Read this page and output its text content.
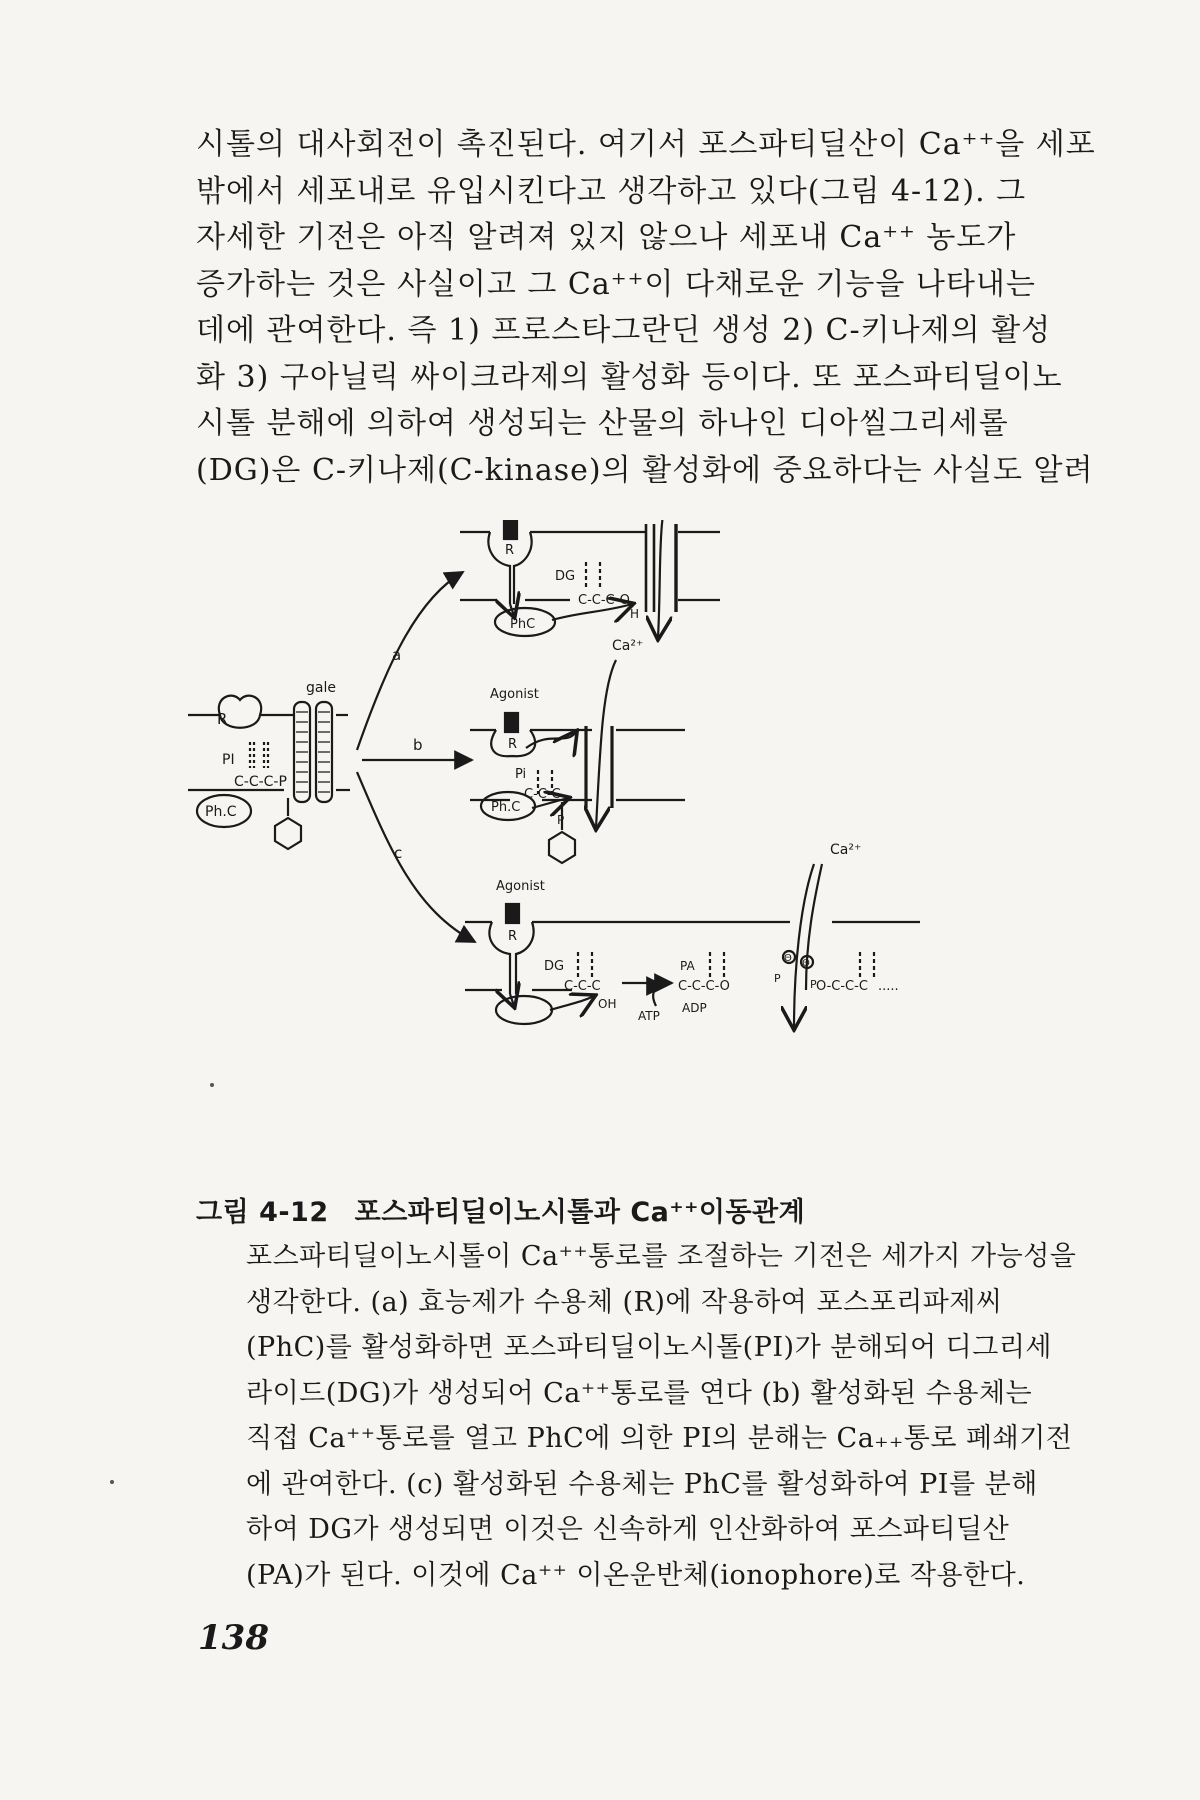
시톨의 대사회전이 촉진된다. 여기서 포스파티딜산이 Ca⁺⁺을 세포
밖에서 세포내로 유입시킨다고 생각하고 있다(그림 4-12). 그
자세한 기전은 아직 알려져 있지 않으나 세포내 Ca⁺⁺ 농도가
증가하는 것은 사실이고 그 Ca⁺⁺이 다채로운 기능을 나타내는
데에 관여한다. 즉 1) 프로스타그란딘 생성 2) C-키나제의 활성
화 3) 구아닐릭 싸이크라제의 활성화 등이다. 또 포스파티딜이노
시톨 분해에 의하여 생성되는 산물의 하나인 디아씰그리세롤
(DG)은 C-키나제(C-kinase)의 활성화에 중요하다는 사실도 알려
R
gale
PI
C-C-C-P
Ph.C
a
b
c
R
DG
C-C-C-O
H
PhC
Ca²⁺
Agonist
R
Pi
C-C-C
P
Ph.C
Ca²⁺
Agonist
R
DG
C-C-C
OH
PA
C-C-C-O
ATP
ADP
P	P
Θ Θ
O-C-C-C .....
그림 4-12 포스파티딜이노시톨과 Ca⁺⁺이동관계
포스파티딜이노시톨이 Ca⁺⁺통로를 조절하는 기전은 세가지 가능성을
생각한다. (a) 효능제가 수용체 (R)에 작용하여 포스포리파제씨
(PhC)를 활성화하면 포스파티딜이노시톨(PI)가 분해되어 디그리세
라이드(DG)가 생성되어 Ca⁺⁺통로를 연다 (b) 활성화된 수용체는
직접 Ca⁺⁺통로를 열고 PhC에 의한 PI의 분해는 Ca₊₊통로 폐쇄기전
에 관여한다. (c) 활성화된 수용체는 PhC를 활성화하여 PI를 분해
하여 DG가 생성되면 이것은 신속하게 인산화하여 포스파티딜산
(PA)가 된다. 이것에 Ca⁺⁺ 이온운반체(ionophore)로 작용한다.
138
